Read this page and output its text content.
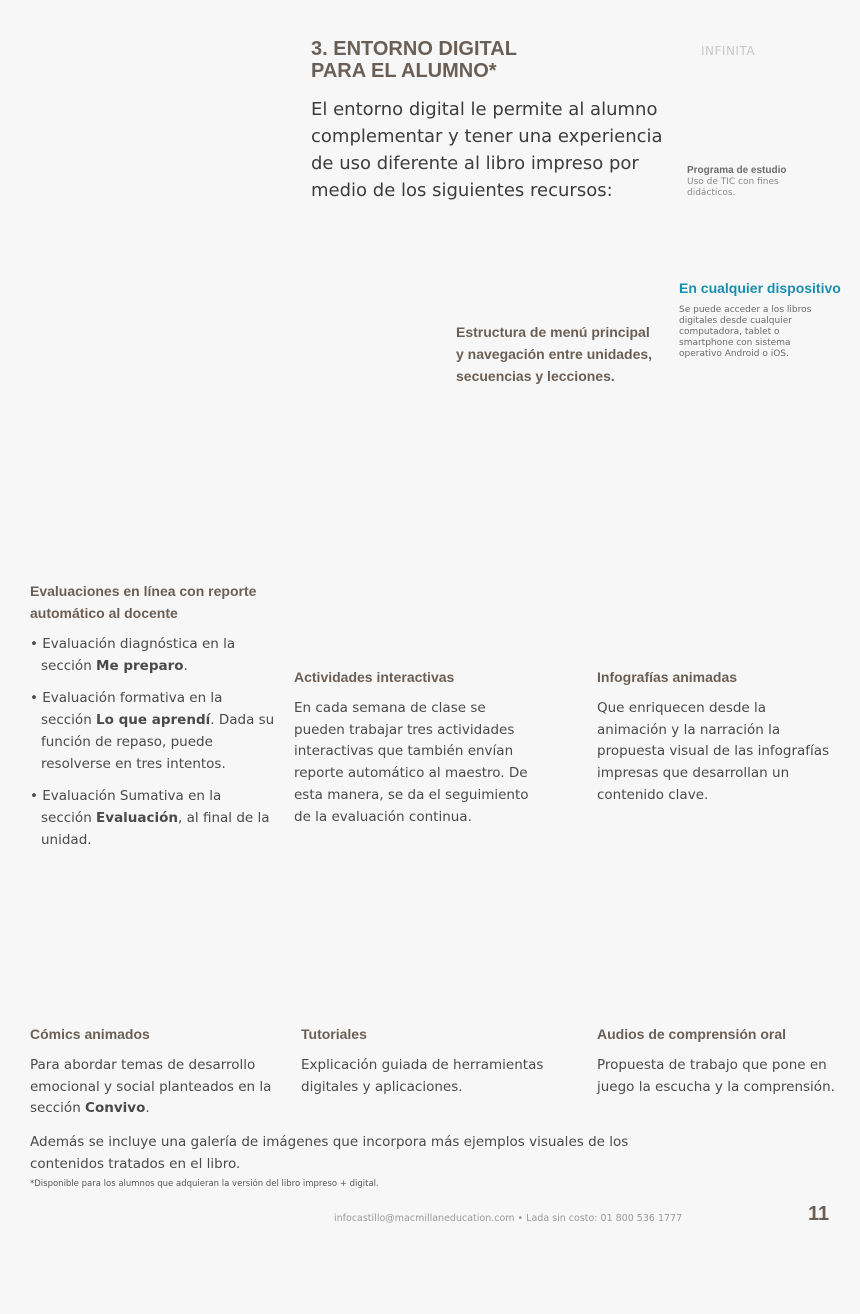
3. ENTORNO DIGITAL
PARA EL ALUMNO*

El entorno digital le permite al alumno complementar y tener una experiencia de uso diferente al libro impreso por medio de los siguientes recursos:

INFINITA
Programa de estudio
Uso de TIC con fines didácticos.
En cualquier dispositivo
Se puede acceder a los libros digitales desde cualquier computadora, tablet o smartphone con sistema operativo Android o iOS.

Estructura de menú principal y navegación entre unidades, secuencias y lecciones.

Evaluaciones en línea con reporte automático al docente

• Evaluación diagnóstica en la sección Me preparo.
• Evaluación formativa en la sección Lo que aprendí. Dada su función de repaso, puede resolverse en tres intentos.
• Evaluación Sumativa en la sección Evaluación, al final de la unidad.

Actividades interactivas

En cada semana de clase se pueden trabajar tres actividades interactivas que también envían reporte automático al maestro. De esta manera, se da el seguimiento de la evaluación continua.

Infografías animadas

Que enriquecen desde la animación y la narración la propuesta visual de las infografías impresas que desarrollan un contenido clave.

Cómics animados

Para abordar temas de desarrollo emocional y social planteados en la sección Convivo.

Tutoriales

Explicación guiada de herramientas digitales y aplicaciones.

Audios de comprensión oral

Propuesta de trabajo que pone en juego la escucha y la comprensión.

Además se incluye una galería de imágenes que incorpora más ejemplos visuales de los contenidos tratados en el libro.

*Disponible para los alumnos que adquieran la versión del libro impreso + digital.
infocastillo@macmillaneducation.com • Lada sin costo: 01 800 536 1777	11
